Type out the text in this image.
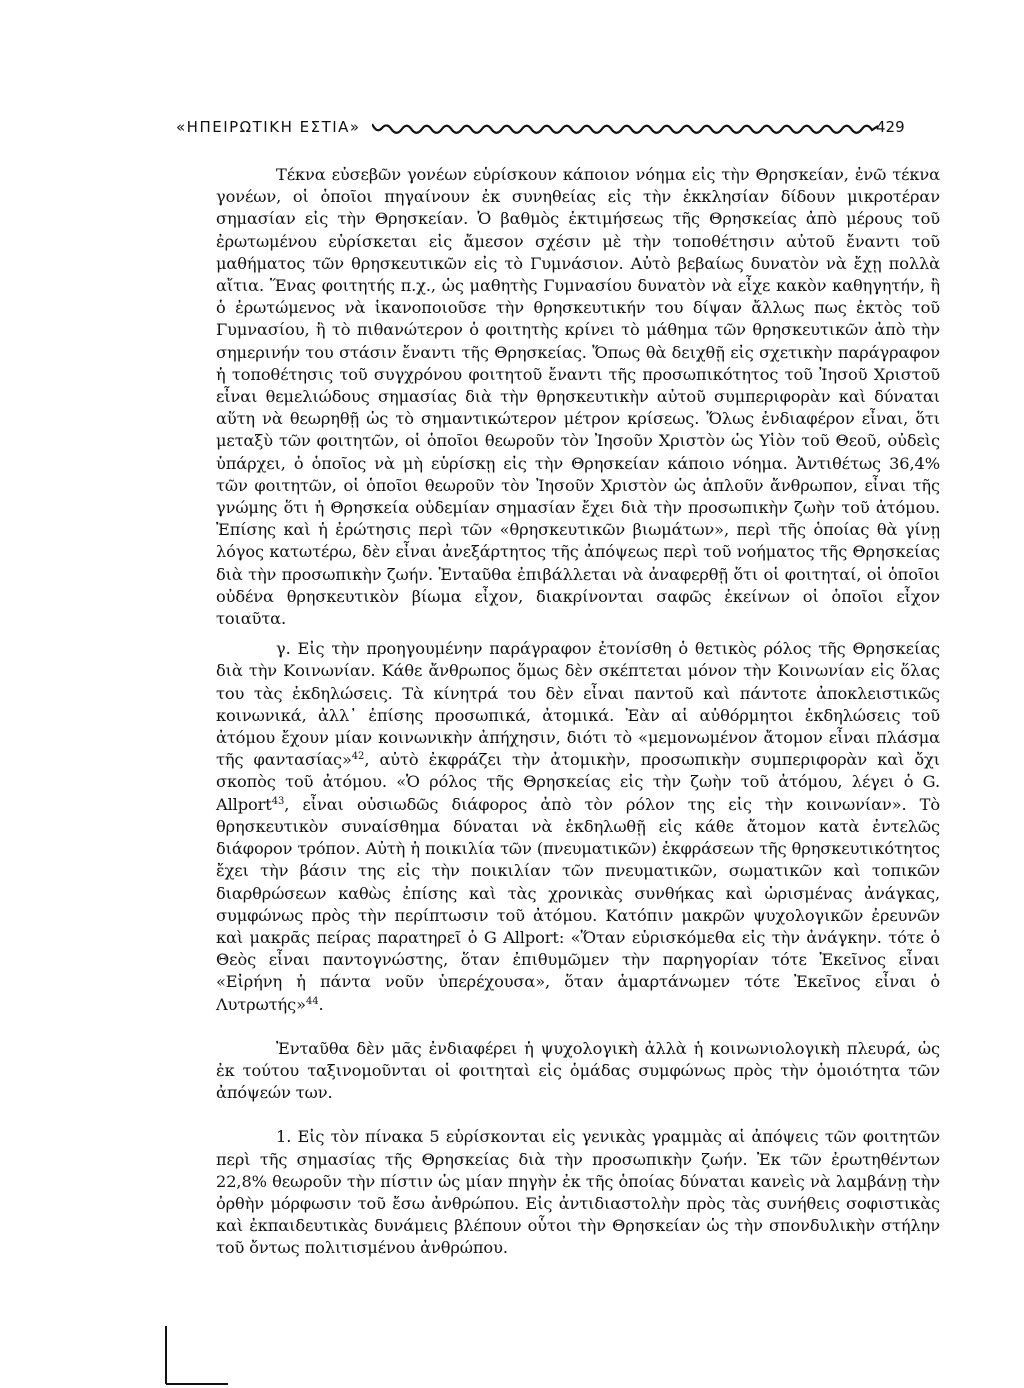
«ΗΠΕΙΡΩΤΙΚΗ ΕΣΤΙΑ»	429

Τέκνα εὐσεβῶν γονέων εὑρίσκουν κάποιον νόημα εἰς τὴν Θρησκείαν, ἐνῶ τέκνα γονέων, οἱ ὁποῖοι πηγαίνουν ἐκ συνηθείας εἰς τὴν ἐκκλησίαν δίδουν μικροτέραν σημασίαν εἰς τὴν Θρησκείαν. Ὁ βαθμὸς ἐκτιμήσεως τῆς Θρησκείας ἀπὸ μέρους τοῦ ἐρωτωμένου εὑρίσκεται εἰς ἄμεσον σχέσιν μὲ τὴν τοποθέτησιν αὐτοῦ ἔναντι τοῦ μαθήματος τῶν θρησκευτικῶν εἰς τὸ Γυμνάσιον. Αὐτὸ βεβαίως δυνατὸν νὰ ἔχῃ πολλὰ αἴτια. Ἕνας φοιτητής π.χ., ὡς μαθητὴς Γυμνασίου δυνατὸν νὰ εἶχε κακὸν καθηγητήν, ἢ ὁ ἐρωτώμενος νὰ ἱκανοποιοῦσε τὴν θρησκευτικήν του δίψαν ἄλλως πως ἐκτὸς τοῦ Γυμνασίου, ἢ τὸ πιθανώτερον ὁ φοιτητὴς κρίνει τὸ μάθημα τῶν θρησκευτικῶν ἀπὸ τὴν σημερινήν του στάσιν ἔναντι τῆς Θρησκείας. Ὅπως θὰ δειχθῇ εἰς σχετικὴν παράγραφον ἡ τοποθέτησις τοῦ συγχρόνου φοιτητοῦ ἔναντι τῆς προσωπικότητος τοῦ Ἰησοῦ Χριστοῦ εἶναι θεμελιώδους σημασίας διὰ τὴν θρησκευτικὴν αὐτοῦ συμπεριφορὰν καὶ δύναται αὕτη νὰ θεωρηθῇ ὡς τὸ σημαντικώτερον μέτρον κρίσεως. Ὅλως ἐνδιαφέρον εἶναι, ὅτι μεταξὺ τῶν φοιτητῶν, οἱ ὁποῖοι θεωροῦν τὸν Ἰησοῦν Χριστὸν ὡς Υἱὸν τοῦ Θεοῦ, οὐδεὶς ὑπάρχει, ὁ ὁποῖος νὰ μὴ εὑρίσκῃ εἰς τὴν Θρησκείαν κάποιο νόημα. Ἀντιθέτως 36,4% τῶν φοιτητῶν, οἱ ὁποῖοι θεωροῦν τὸν Ἰησοῦν Χριστὸν ὡς ἁπλοῦν ἄνθρωπον, εἶναι τῆς γνώμης ὅτι ἡ Θρησκεία οὐδεμίαν σημασίαν ἔχει διὰ τὴν προσωπικὴν ζωὴν τοῦ ἀτόμου. Ἐπίσης καὶ ἡ ἐρώτησις περὶ τῶν «θρησκευτικῶν βιωμάτων», περὶ τῆς ὁποίας θὰ γίνῃ λόγος κατωτέρω, δὲν εἶναι ἀνεξάρτητος τῆς ἀπόψεως περὶ τοῦ νοήματος τῆς Θρησκείας διὰ τὴν προσωπικὴν ζωήν. Ἐνταῦθα ἐπιβάλλεται νὰ ἀναφερθῇ ὅτι οἱ φοιτηταί, οἱ ὁποῖοι οὐδένα θρησκευτικὸν βίωμα εἶχον, διακρίνονται σαφῶς ἐκείνων οἱ ὁποῖοι εἶχον τοιαῦτα.

γ. Εἰς τὴν προηγουμένην παράγραφον ἐτονίσθη ὁ θετικὸς ρόλος τῆς Θρησκείας διὰ τὴν Κοινωνίαν. Κάθε ἄνθρωπος ὅμως δὲν σκέπτεται μόνον τὴν Κοινωνίαν εἰς ὅλας του τὰς ἐκδηλώσεις. Τὰ κίνητρά του δὲν εἶναι παντοῦ καὶ πάντοτε ἀποκλειστικῶς κοινωνικά, ἀλλ᾽ ἐπίσης προσωπικά, ἀτομικά. Ἐὰν αἱ αὐθόρμητοι ἐκδηλώσεις τοῦ ἀτόμου ἔχουν μίαν κοινωνικὴν ἀπήχησιν, διότι τὸ «μεμονωμένον ἄτομον εἶναι πλάσμα τῆς φαντασίας»$^{42}$, αὐτὸ ἐκφράζει τὴν ἀτομικὴν, προσωπικὴν συμπεριφορὰν καὶ ὄχι σκοπὸς τοῦ ἀτόμου. «Ὁ ρόλος τῆς Θρησκείας εἰς τὴν ζωὴν τοῦ ἀτόμου, λέγει ὁ G. Allport$^{43}$, εἶναι οὐσιωδῶς διάφορος ἀπὸ τὸν ρόλον της εἰς τὴν κοινωνίαν». Τὸ θρησκευτικὸν συναίσθημα δύναται νὰ ἐκδηλωθῇ εἰς κάθε ἄτομον κατὰ ἐντελῶς διάφορον τρόπον. Αὐτὴ ἡ ποικιλία τῶν (πνευματικῶν) ἐκφράσεων τῆς θρησκευτικότητος ἔχει τὴν βάσιν της εἰς τὴν ποικιλίαν τῶν πνευματικῶν, σωματικῶν καὶ τοπικῶν διαρθρώσεων καθὼς ἐπίσης καὶ τὰς χρονικὰς συνθήκας καὶ ὡρισμένας ἀνάγκας, συμφώνως πρὸς τὴν περίπτωσιν τοῦ ἀτόμου. Κατόπιν μακρῶν ψυχολογικῶν ἐρευνῶν καὶ μακρᾶς πείρας παρατηρεῖ ὁ G Allport: «Ὅταν εὑρισκόμεθα εἰς τὴν ἀνάγκην. τότε ὁ Θεὸς εἶναι παντογνώστης, ὅταν ἐπιθυμῶμεν τὴν παρηγορίαν τότε Ἐκεῖνος εἶναι «Εἰρήνη ἡ πάντα νοῦν ὑπερέχουσα», ὅταν ἁμαρτάνωμεν τότε Ἐκεῖνος εἶναι ὁ Λυτρωτής»$^{44}$.

Ἐνταῦθα δὲν μᾶς ἐνδιαφέρει ἡ ψυχολογικὴ ἀλλὰ ἡ κοινωνιολογικὴ πλευρά, ὡς ἐκ τούτου ταξινομοῦνται οἱ φοιτηταὶ εἰς ὁμάδας συμφώνως πρὸς τὴν ὁμοιότητα τῶν ἀπόψεών των.

1. Εἰς τὸν πίνακα 5 εὑρίσκονται εἰς γενικὰς γραμμὰς αἱ ἀπόψεις τῶν φοιτητῶν περὶ τῆς σημασίας τῆς Θρησκείας διὰ τὴν προσωπικὴν ζωήν. Ἐκ τῶν ἐρωτηθέντων 22,8% θεωροῦν τὴν πίστιν ὡς μίαν πηγὴν ἐκ τῆς ὁποίας δύναται κανεὶς νὰ λαμβάνῃ τὴν ὀρθὴν μόρφωσιν τοῦ ἔσω ἀνθρώπου. Εἰς ἀντιδιαστολὴν πρὸς τὰς συνήθεις σοφιστικὰς καὶ ἐκπαιδευτικὰς δυνάμεις βλέπουν οὗτοι τὴν Θρησκείαν ὡς τὴν σπονδυλικὴν στήλην τοῦ ὄντως πολιτισμένου ἀνθρώπου.
